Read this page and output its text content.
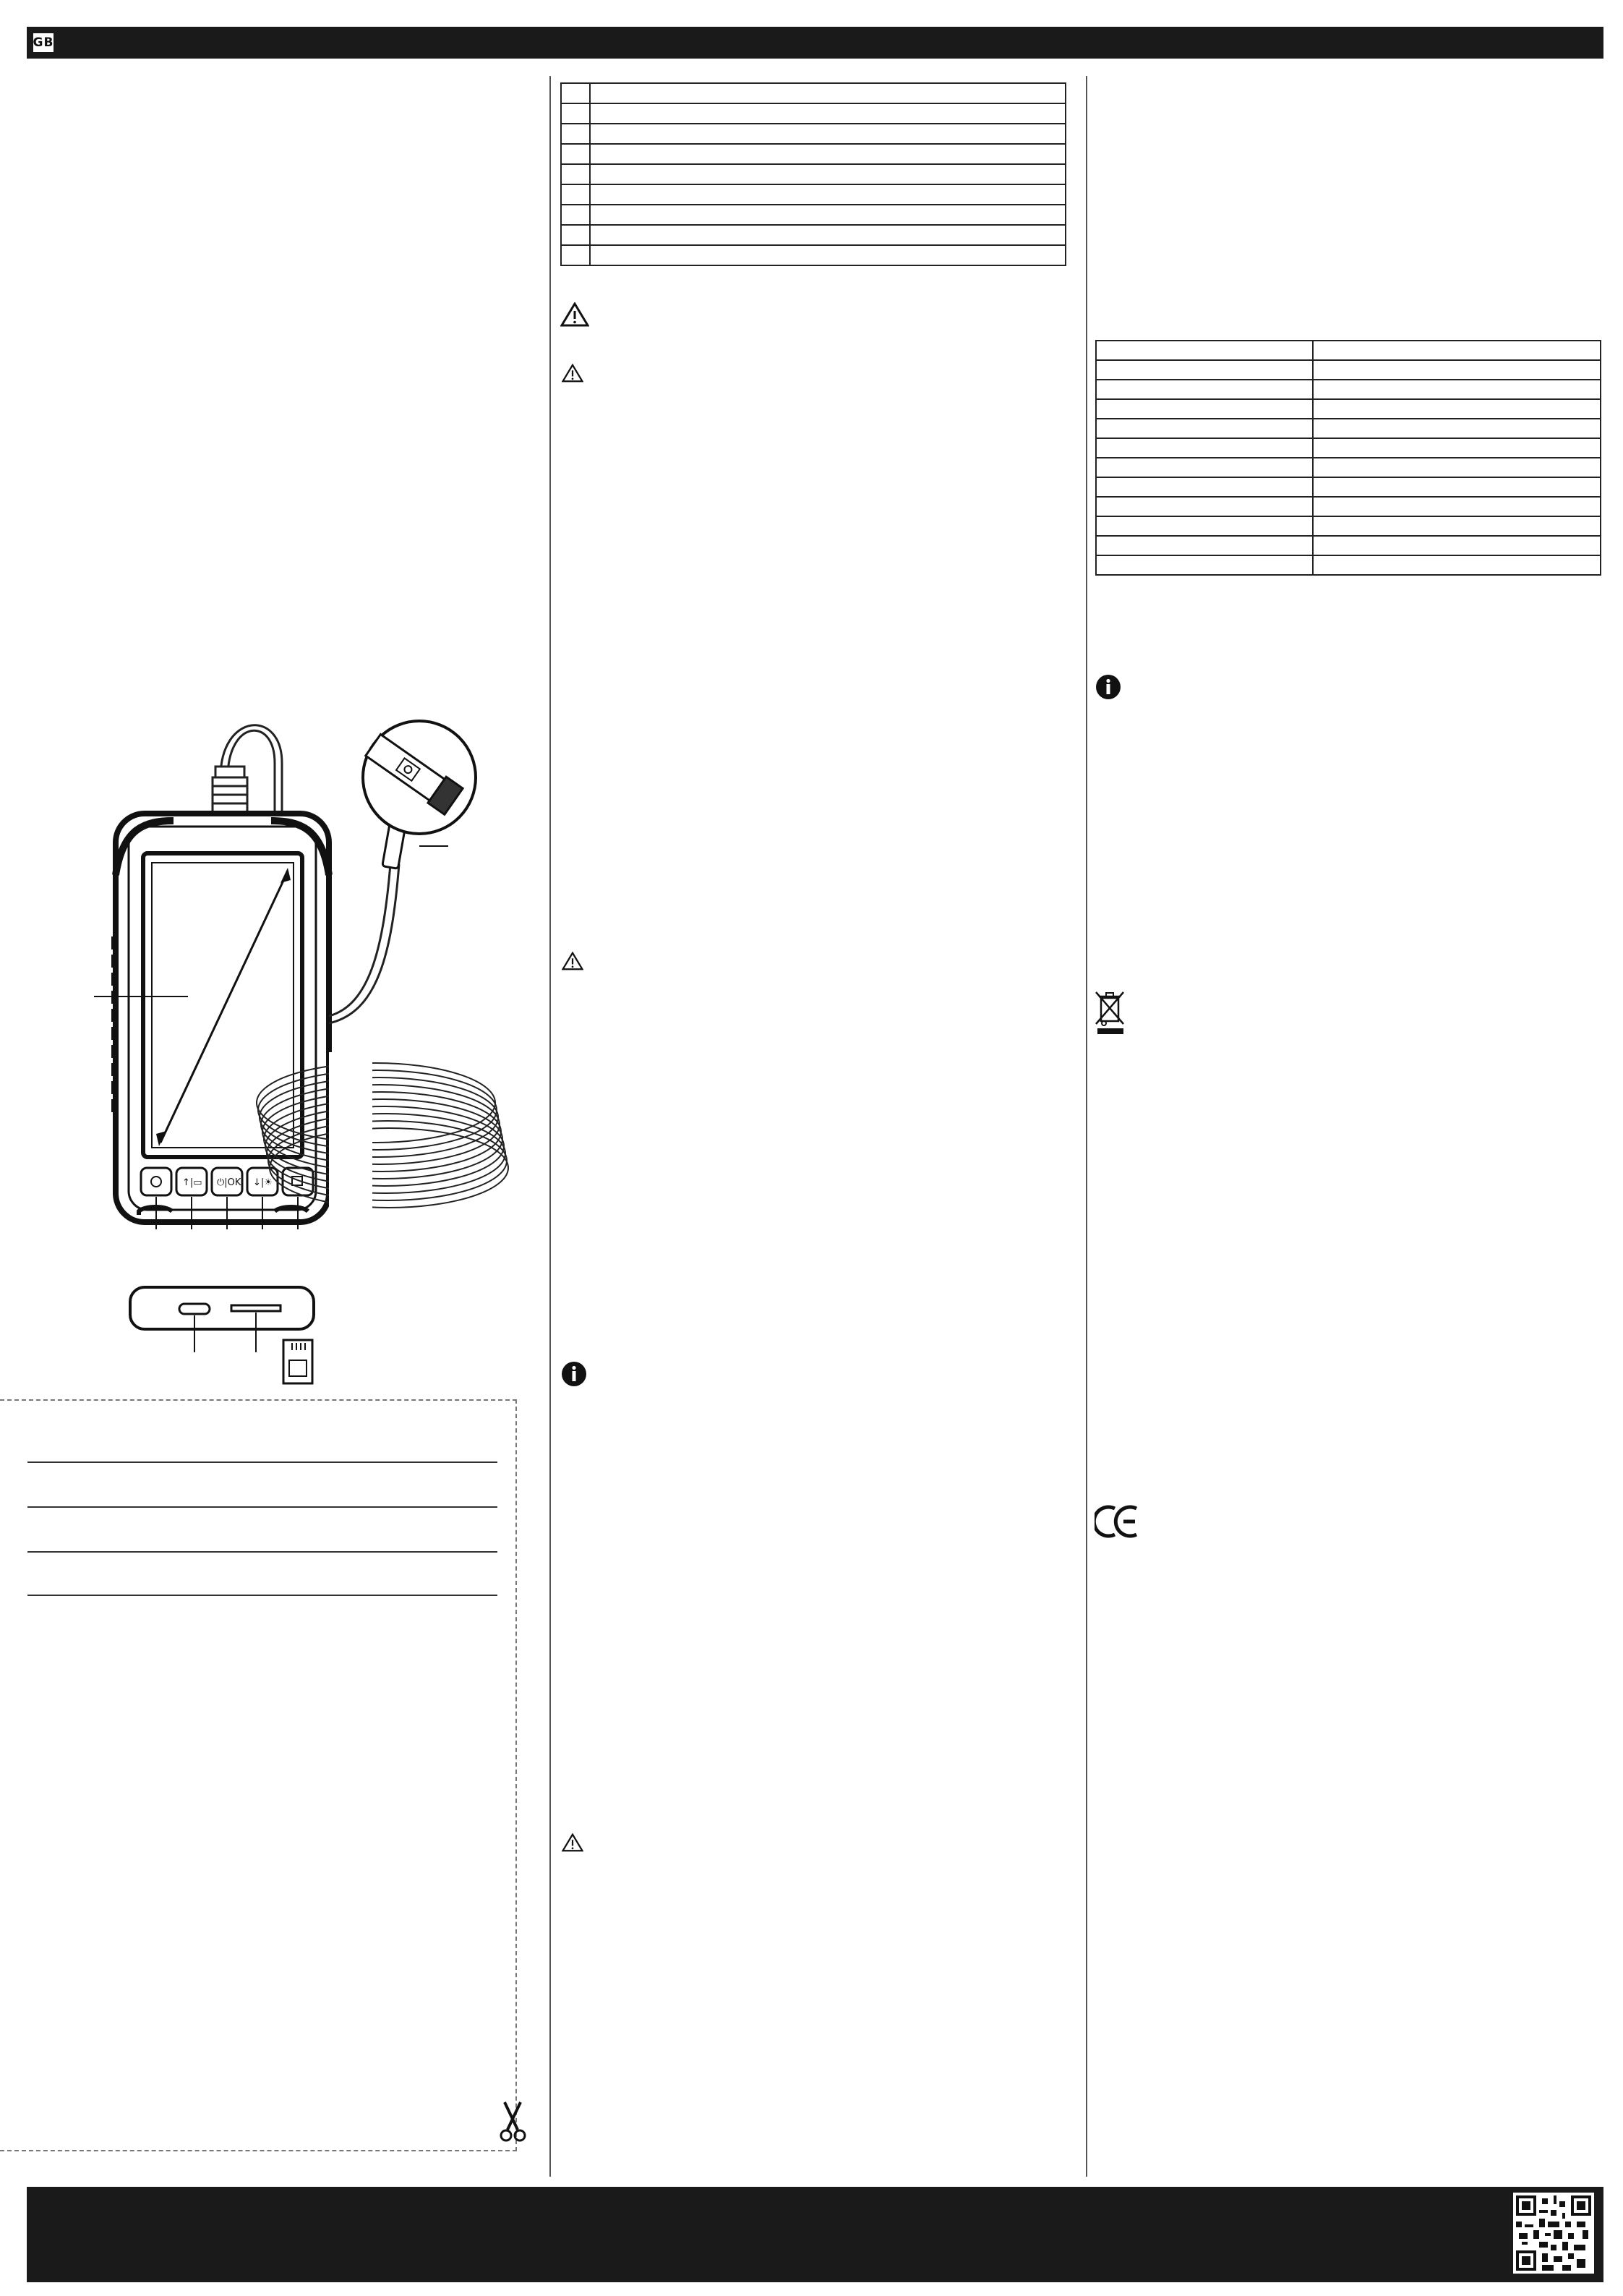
GB
↑|▭ ⏻|OK ↓|☀
